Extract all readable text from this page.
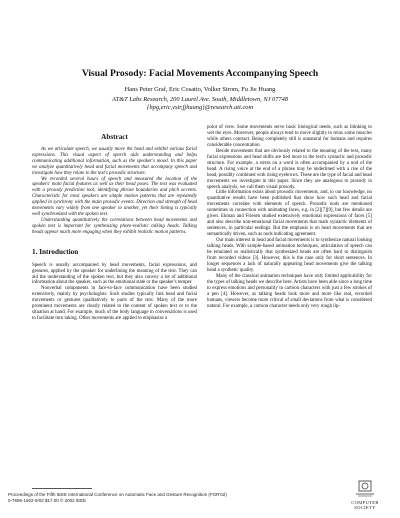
Visual Prosody: Facial Movements Accompanying Speech
Hans Peter Graf, Eric Cosatto, Volker Strom, Fu Jie Huang
AT&T Labs Research, 200 Laurel Ave. South, Middletown, NJ 07748
{hpg,eric,vstr,fjhuang}@research.att.com
Abstract

As we articulate speech, we usually move the head and exhibit various facial expressions. This visual aspect of speech aids understanding and helps communicating additional information, such as the speaker's mood. In this paper we analyze quantitatively head and facial movements that accompany speech and investigate how they relate to the text's prosodic structure.

We recorded several hours of speech and measured the location of the speakers' main facial features as well as their head poses. The text was evaluated with a prosody prediction tool, identifying phrase boundaries and pitch accents. Characteristic for most speakers are simple motion patterns that are repeatedly applied in synchrony with the main prosodic events. Direction and strength of head movements vary widely from one speaker to another, yet their timing is typically well synchronized with the spoken text.

Understanding quantitatively the correlations between head movements and spoken text is important for synthesizing photo-realistic talking heads. Talking heads appear much more engaging when they exhibit realistic motion patterns.

1. Introduction

Speech is usually accompanied by head movements, facial expressions, and gestures, applied by the speaker for underlining the meaning of the text. They can aid the understanding of the spoken text, but they also convey a lot of additional information about the speaker, such as the emotional state or the speaker's temper.

Nonverbal components in face-to-face communication have been studied extensively, mainly by psychologists. Such studies typically link head and facial movements or gestures qualitatively to parts of the text. Many of the more prominent movements are clearly related to the content of spoken text or to the situation at hand. For example, much of the body language in conversations is used to facilitate turn taking. Other movements are applied to emphasize a

point of view. Some movements serve basic biological needs, such as blinking to wet the eyes. Moreover, people always tend to move slightly to relax some muscles while others contract. Being completely still is unnatural for humans and requires considerable concentration.

Beside movements that are obviously related to the meaning of the text, many facial expressions and head shifts are tied more to the text's syntactic and prosodic structure. For example, a stress on a word is often accompanied by a nod of the head. A rising voice at the end of a phrase may be underlined with a rise of the head, possibly combined with rising eyebrows. These are the type of facial and head movements we investigate in this paper. Since they are analogous to prosody in speech analysis, we call them visual prosody.

Little information exists about prosodic movements, and, to our knowledge, no quantitative results have been published that show how such head and facial movements correlate with elements of speech. Prosodic nods are mentioned sometimes in connection with animating faces, e.g. in [2][7][9], but few details are given. Ekman and Friesen studied extensively emotional expressions of faces [5] and also describe non-emotional facial movements that mark syntactic elements of sentences, in particular endings. But the emphasis is on head movements that are semantically driven, such as nods indicating agreement.

Our main interest in head and facial movements is to synthesize natural looking talking heads. With sample-based animation techniques, articulation of speech can be emulated so realistically that synthesized heads are often hard to distinguish from recorded videos [3]. However, this is the case only for short sentences. In longer sequences a lack of naturally appearing head movements give the talking head a synthetic quality.

Many of the classical animation techniques have only limited applicability for the types of talking heads we describe here. Artists have been able since a long time to express emotions and personality in cartoon characters with just a few strokes of a pen [4]. However, as talking heads look more and more like real, recorded humans, viewers become more critical of small deviations from what is considered natural. For example, a cartoon character needs only very rough lip-

Proceedings of the Fifth IEEE International Conference on Automatic Face and Gesture Recognition (FGR'02)
0-7695-1602-5/02 $17.00 © 2002 IEEE	COMPUTER
SOCIETY
